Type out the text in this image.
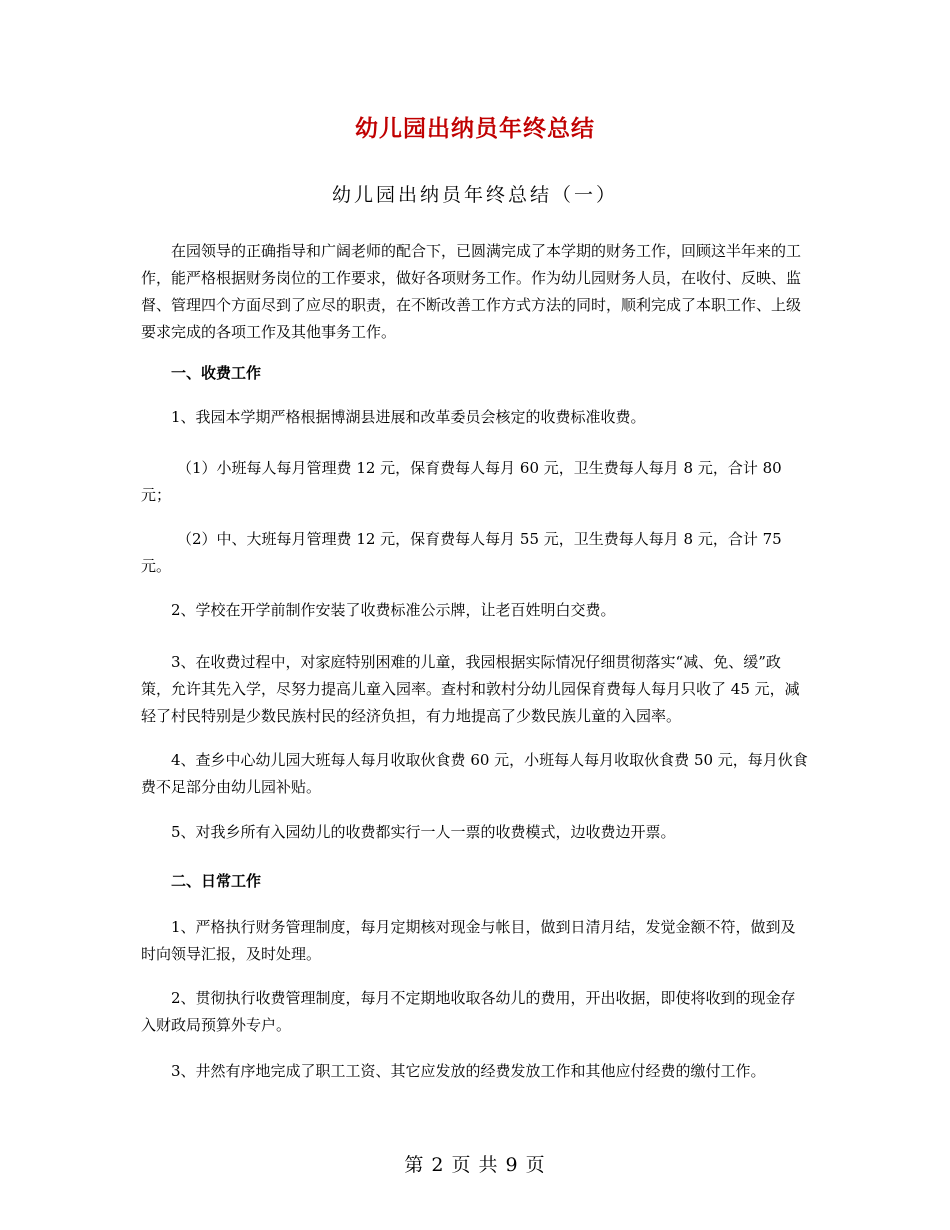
幼儿园出纳员年终总结
幼儿园出纳员年终总结（一）
在园领导的正确指导和广阔老师的配合下，已圆满完成了本学期的财务工作，回顾这半年来的工作，能严格根据财务岗位的工作要求，做好各项财务工作。作为幼儿园财务人员，在收付、反映、监督、管理四个方面尽到了应尽的职责，在不断改善工作方式方法的同时，顺利完成了本职工作、上级要求完成的各项工作及其他事务工作。
一、收费工作
1、我园本学期严格根据博湖县进展和改革委员会核定的收费标准收费。
（1）小班每人每月管理费 12 元，保育费每人每月 60 元，卫生费每人每月 8 元，合计 80 元；
（2）中、大班每月管理费 12 元，保育费每人每月 55 元，卫生费每人每月 8 元，合计 75 元。
2、学校在开学前制作安装了收费标准公示牌，让老百姓明白交费。
3、在收费过程中，对家庭特别困难的儿童，我园根据实际情况仔细贯彻落实“减、免、缓”政策，允许其先入学，尽努力提高儿童入园率。查村和敦村分幼儿园保育费每人每月只收了 45 元，减轻了村民特别是少数民族村民的经济负担，有力地提高了少数民族儿童的入园率。
4、查乡中心幼儿园大班每人每月收取伙食费 60 元，小班每人每月收取伙食费 50 元，每月伙食费不足部分由幼儿园补贴。
5、对我乡所有入园幼儿的收费都实行一人一票的收费模式，边收费边开票。
二、日常工作
1、严格执行财务管理制度，每月定期核对现金与帐目，做到日清月结，发觉金额不符，做到及时向领导汇报，及时处理。
2、贯彻执行收费管理制度，每月不定期地收取各幼儿的费用，开出收据，即使将收到的现金存入财政局预算外专户。
3、井然有序地完成了职工工资、其它应发放的经费发放工作和其他应付经费的缴付工作。
第 2 页 共 9 页
